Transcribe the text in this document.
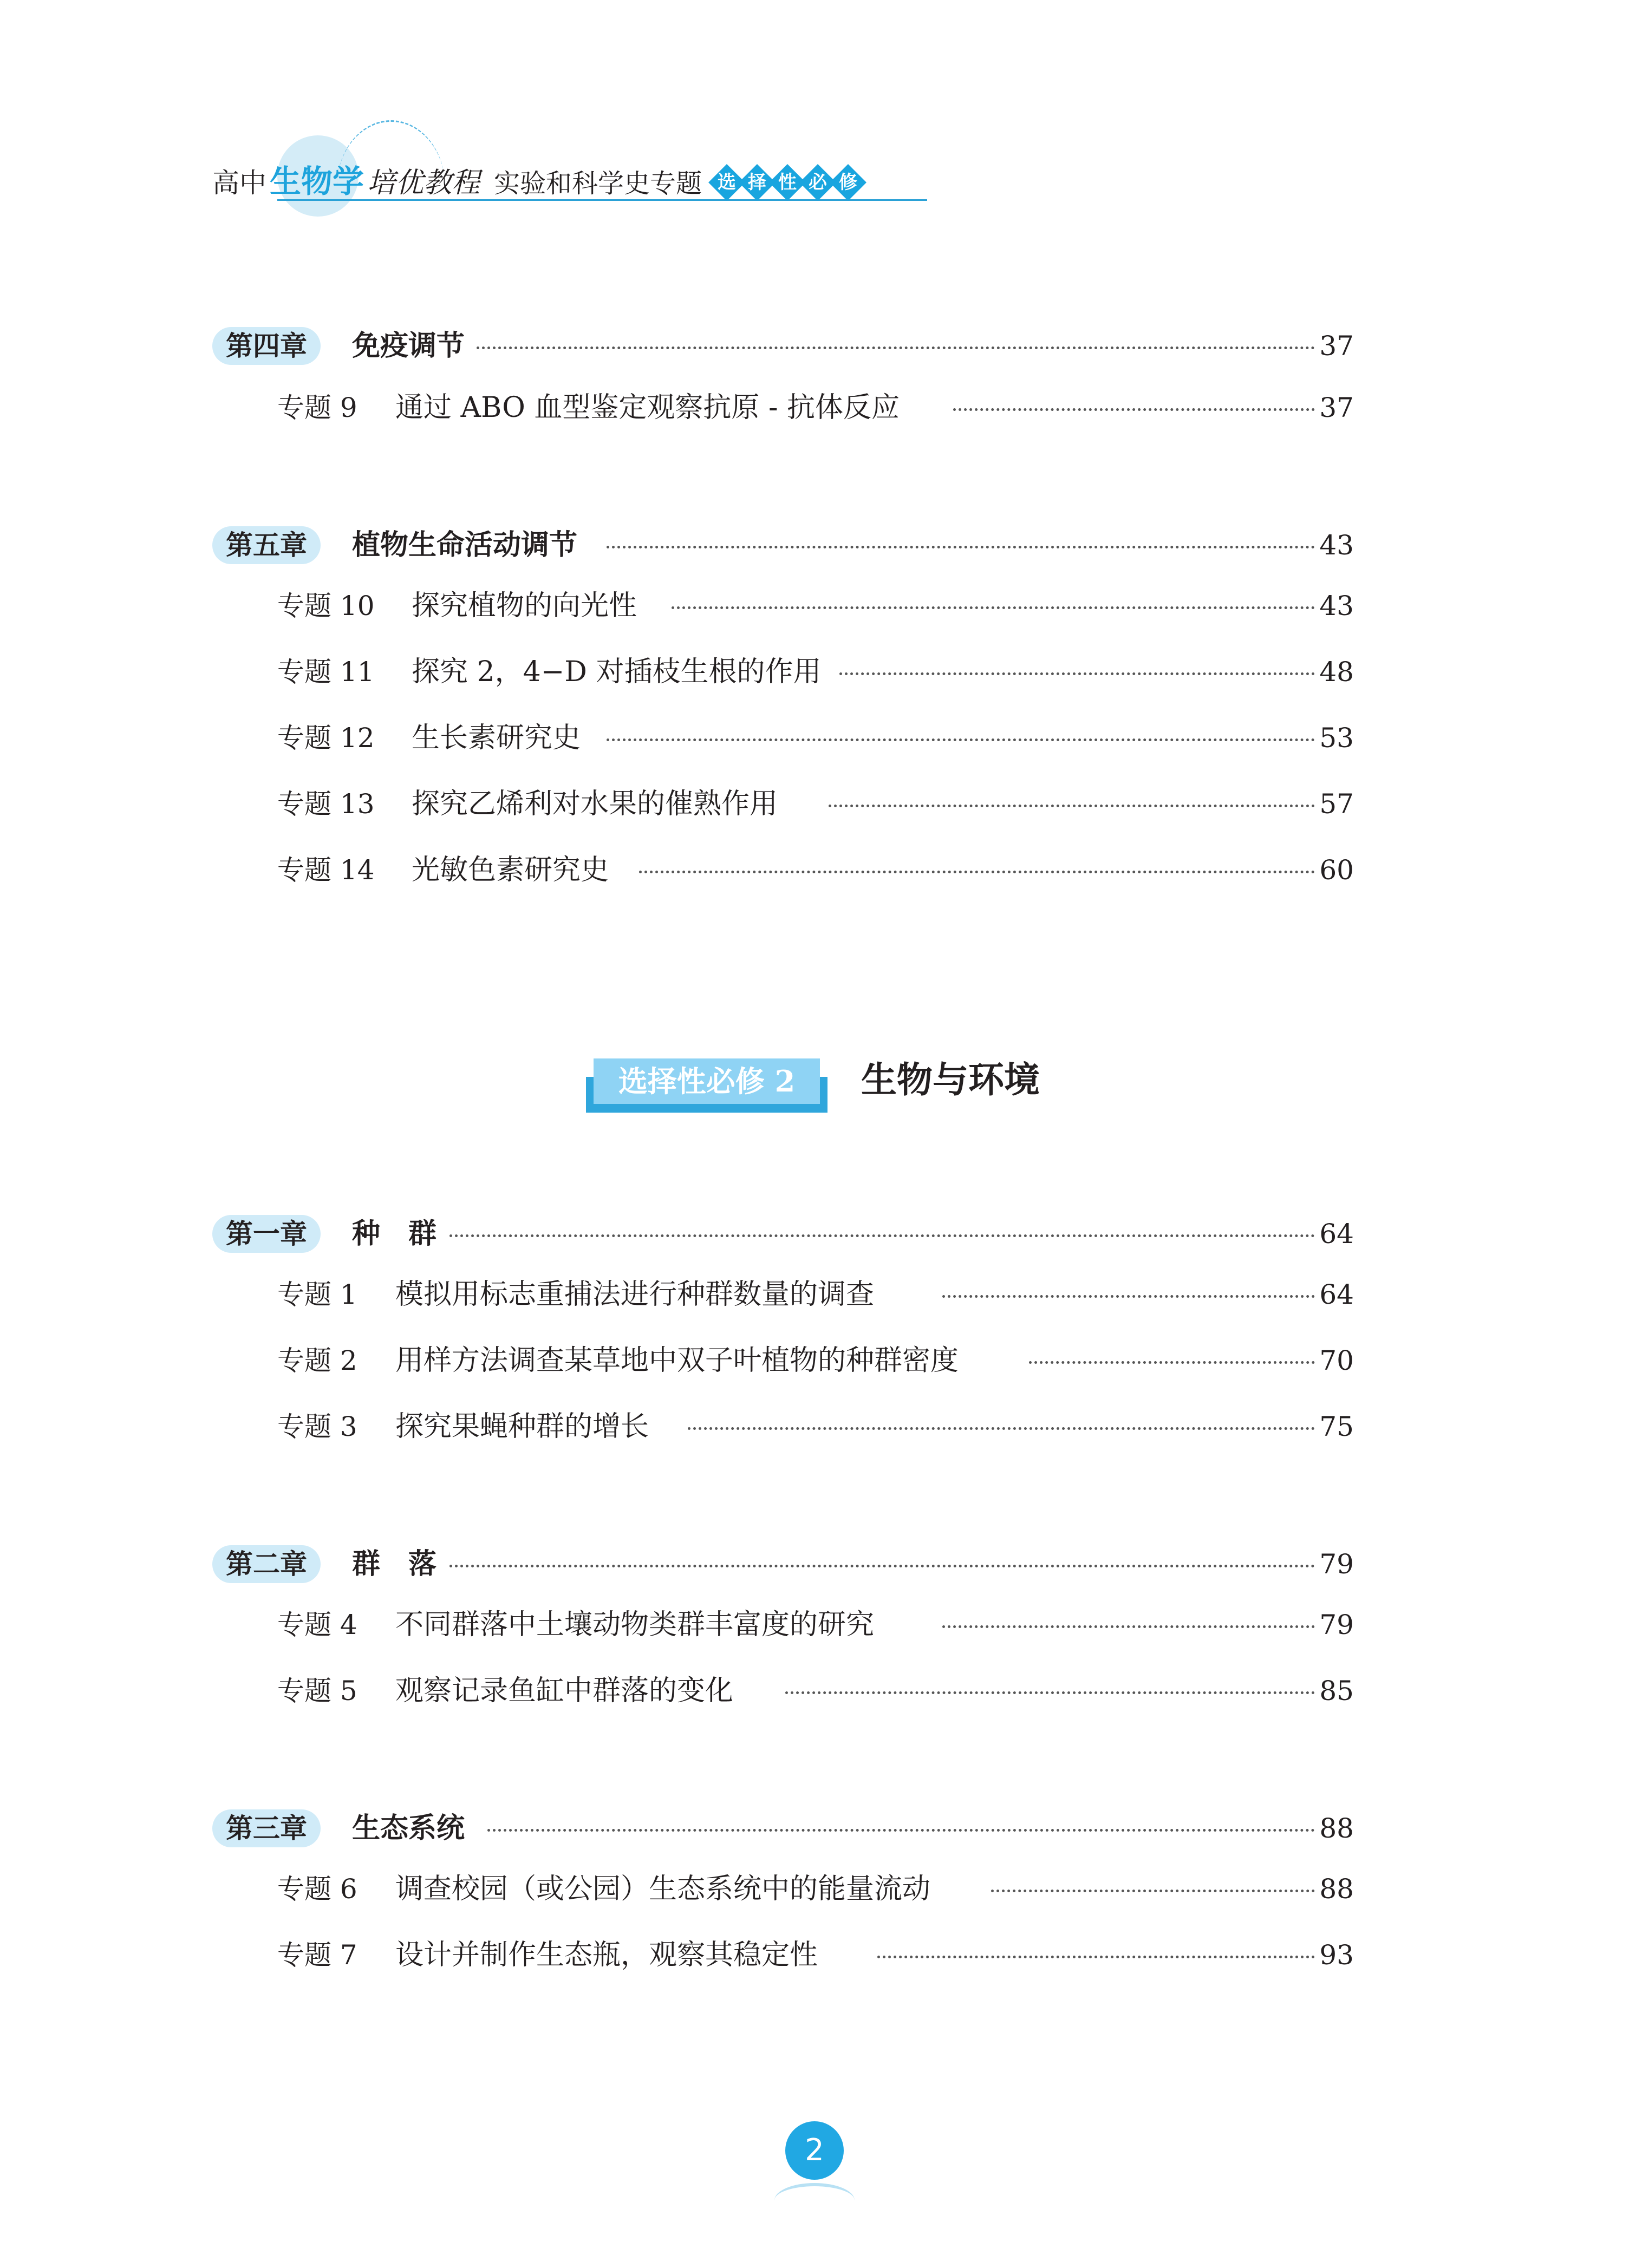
高中 生物学 培优教程 实验和科学史专题 选 择 性 必 修
第四章	免疫调节	37
专题 9 通过 ABO 血型鉴定观察抗原 - 抗体反应	37
第五章	植物生命活动调节	43
专题 10 探究植物的向光性	43
专题 11 探究 2，4−D 对插枝生根的作用	48
专题 12 生长素研究史	53
专题 13 探究乙烯利对水果的催熟作用	57
专题 14 光敏色素研究史	60
选择性必修 2	生物与环境
第一章	种　群	64
专题 1 模拟用标志重捕法进行种群数量的调查	64
专题 2 用样方法调查某草地中双子叶植物的种群密度	70
专题 3 探究果蝇种群的增长	75
第二章	群　落	79
专题 4 不同群落中土壤动物类群丰富度的研究	79
专题 5 观察记录鱼缸中群落的变化	85
第三章	生态系统	88
专题 6 调查校园（或公园）生态系统中的能量流动	88
专题 7 设计并制作生态瓶，观察其稳定性	93
2
